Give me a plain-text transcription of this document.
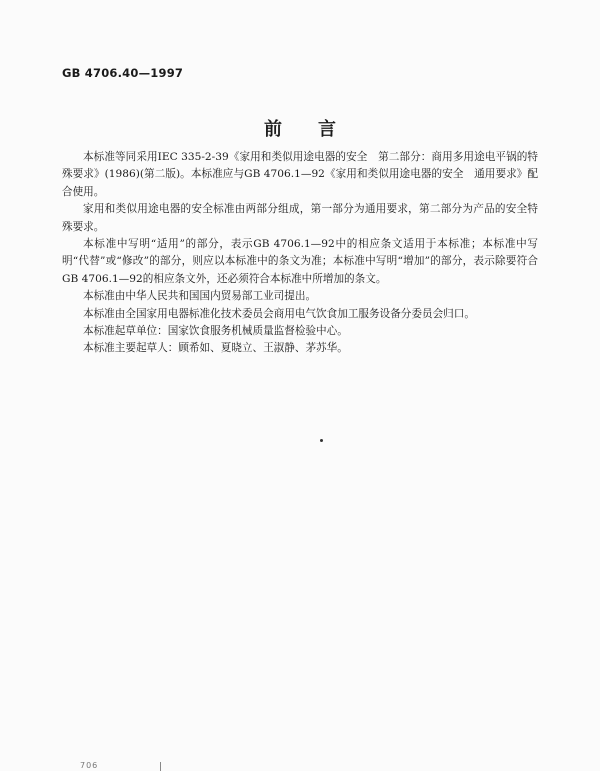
GB 4706.40—1997
前言

本标准等同采用IEC 335-2-39《家用和类似用途电器的安全　第二部分：商用多用途电平锅的特殊要求》(1986)(第二版)。本标准应与GB 4706.1—92《家用和类似用途电器的安全　通用要求》配合使用。

家用和类似用途电器的安全标准由两部分组成，第一部分为通用要求，第二部分为产品的安全特殊要求。

本标准中写明“适用”的部分，表示GB 4706.1—92中的相应条文适用于本标准；本标准中写明“代替”或“修改”的部分，则应以本标准中的条文为准；本标准中写明“增加”的部分，表示除要符合GB 4706.1—92的相应条文外，还必须符合本标准中所增加的条文。

本标准由中华人民共和国国内贸易部工业司提出。

本标准由全国家用电器标准化技术委员会商用电气饮食加工服务设备分委员会归口。

本标准起草单位：国家饮食服务机械质量监督检验中心。

本标准主要起草人：顾希如、夏晓立、王淑静、茅苏华。

706
